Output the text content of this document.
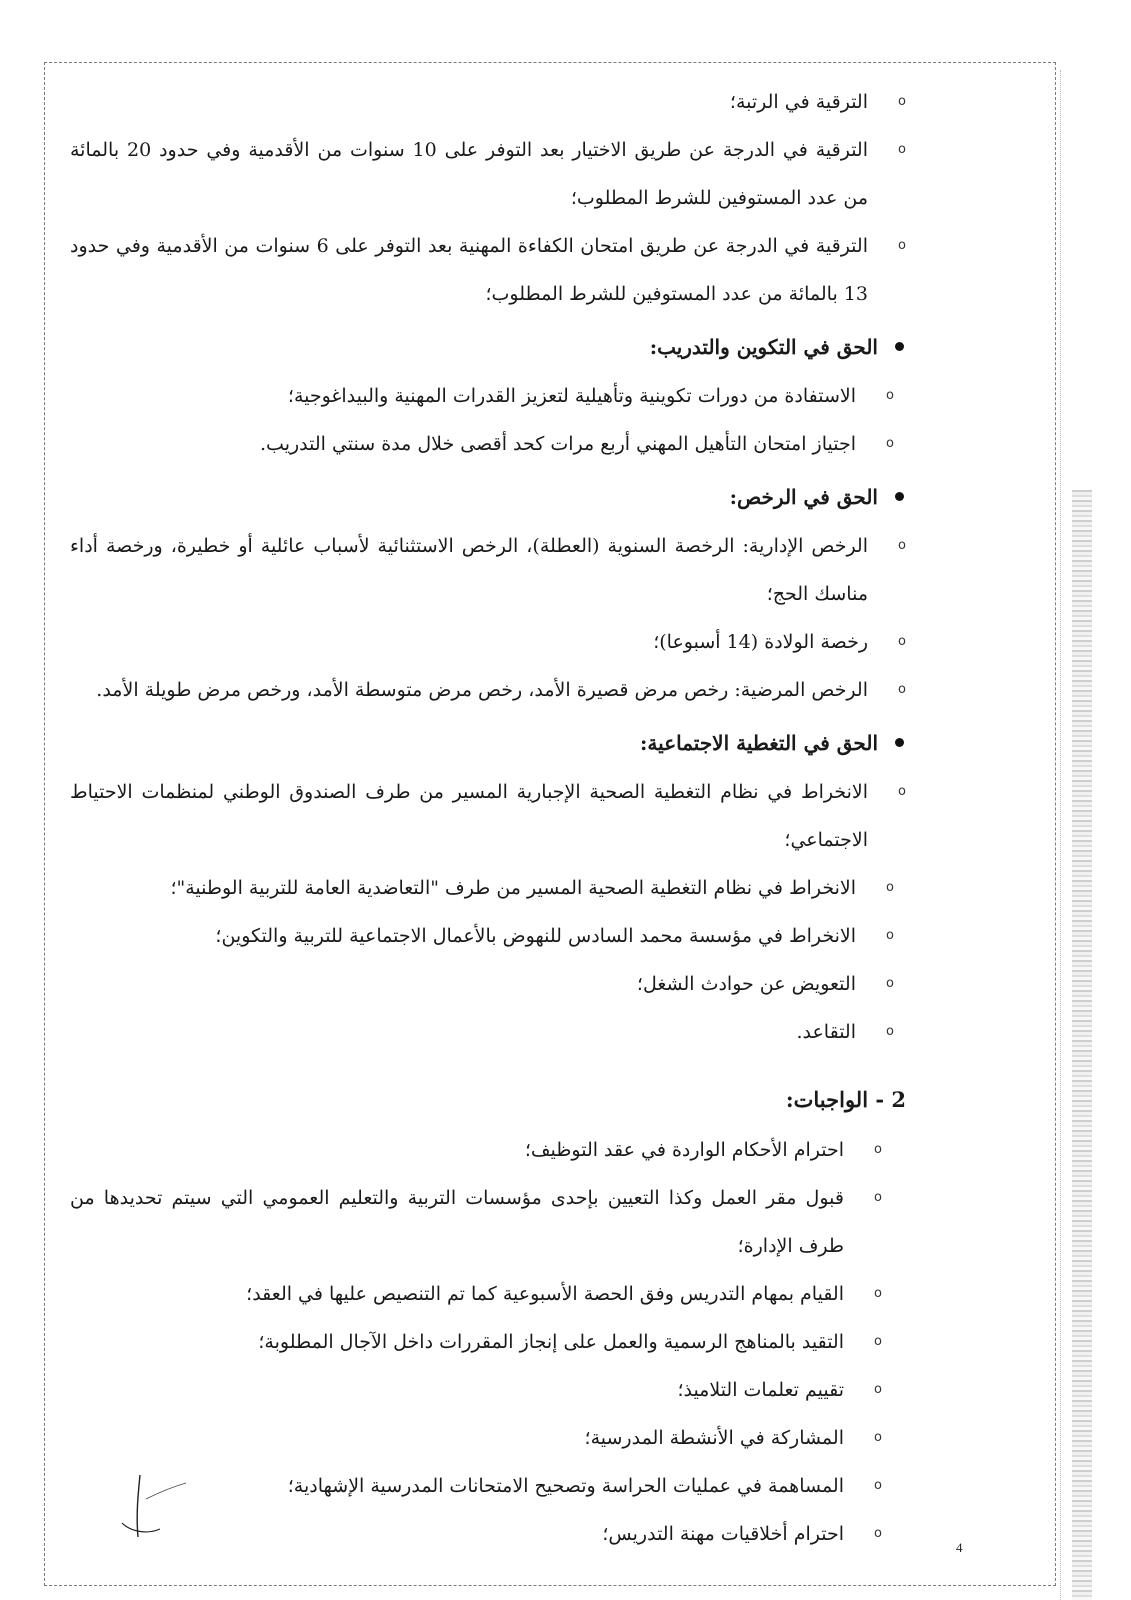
o
الترقية في الرتبة؛
o
الترقية في الدرجة عن طريق الاختيار بعد التوفر على 10 سنوات من الأقدمية وفي حدود 20 بالمائة من عدد المستوفين للشرط المطلوب؛
o
الترقية في الدرجة عن طريق امتحان الكفاءة المهنية بعد التوفر على 6 سنوات من الأقدمية وفي حدود 13 بالمائة من عدد المستوفين للشرط المطلوب؛
الحق في التكوين والتدريب:
o
الاستفادة من دورات تكوينية وتأهيلية لتعزيز القدرات المهنية والبيداغوجية؛
o
اجتياز امتحان التأهيل المهني أربع مرات كحد أقصى خلال مدة سنتي التدريب.
الحق في الرخص:
o
الرخص الإدارية: الرخصة السنوية (العطلة)، الرخص الاستثنائية لأسباب عائلية أو خطيرة، ورخصة أداء مناسك الحج؛
o
رخصة الولادة (14 أسبوعا)؛
o
الرخص المرضية: رخص مرض قصيرة الأمد، رخص مرض متوسطة الأمد، ورخص مرض طويلة الأمد.
الحق في التغطية الاجتماعية:
o
الانخراط في نظام التغطية الصحية الإجبارية المسير من طرف الصندوق الوطني لمنظمات الاحتياط الاجتماعي؛
o
الانخراط في نظام التغطية الصحية المسير من طرف "التعاضدية العامة للتربية الوطنية"؛
o
الانخراط في مؤسسة محمد السادس للنهوض بالأعمال الاجتماعية للتربية والتكوين؛
o
التعويض عن حوادث الشغل؛
o
التقاعد.
2 - الواجبات:
o
احترام الأحكام الواردة في عقد التوظيف؛
o
قبول مقر العمل وكذا التعيين بإحدى مؤسسات التربية والتعليم العمومي التي سيتم تحديدها من طرف الإدارة؛
o
القيام بمهام التدريس وفق الحصة الأسبوعية كما تم التنصيص عليها في العقد؛
o
التقيد بالمناهج الرسمية والعمل على إنجاز المقررات داخل الآجال المطلوبة؛
o
تقييم تعلمات التلاميذ؛
o
المشاركة في الأنشطة المدرسية؛
o
المساهمة في عمليات الحراسة وتصحيح الامتحانات المدرسية الإشهادية؛
o
احترام أخلاقيات مهنة التدريس؛
4
